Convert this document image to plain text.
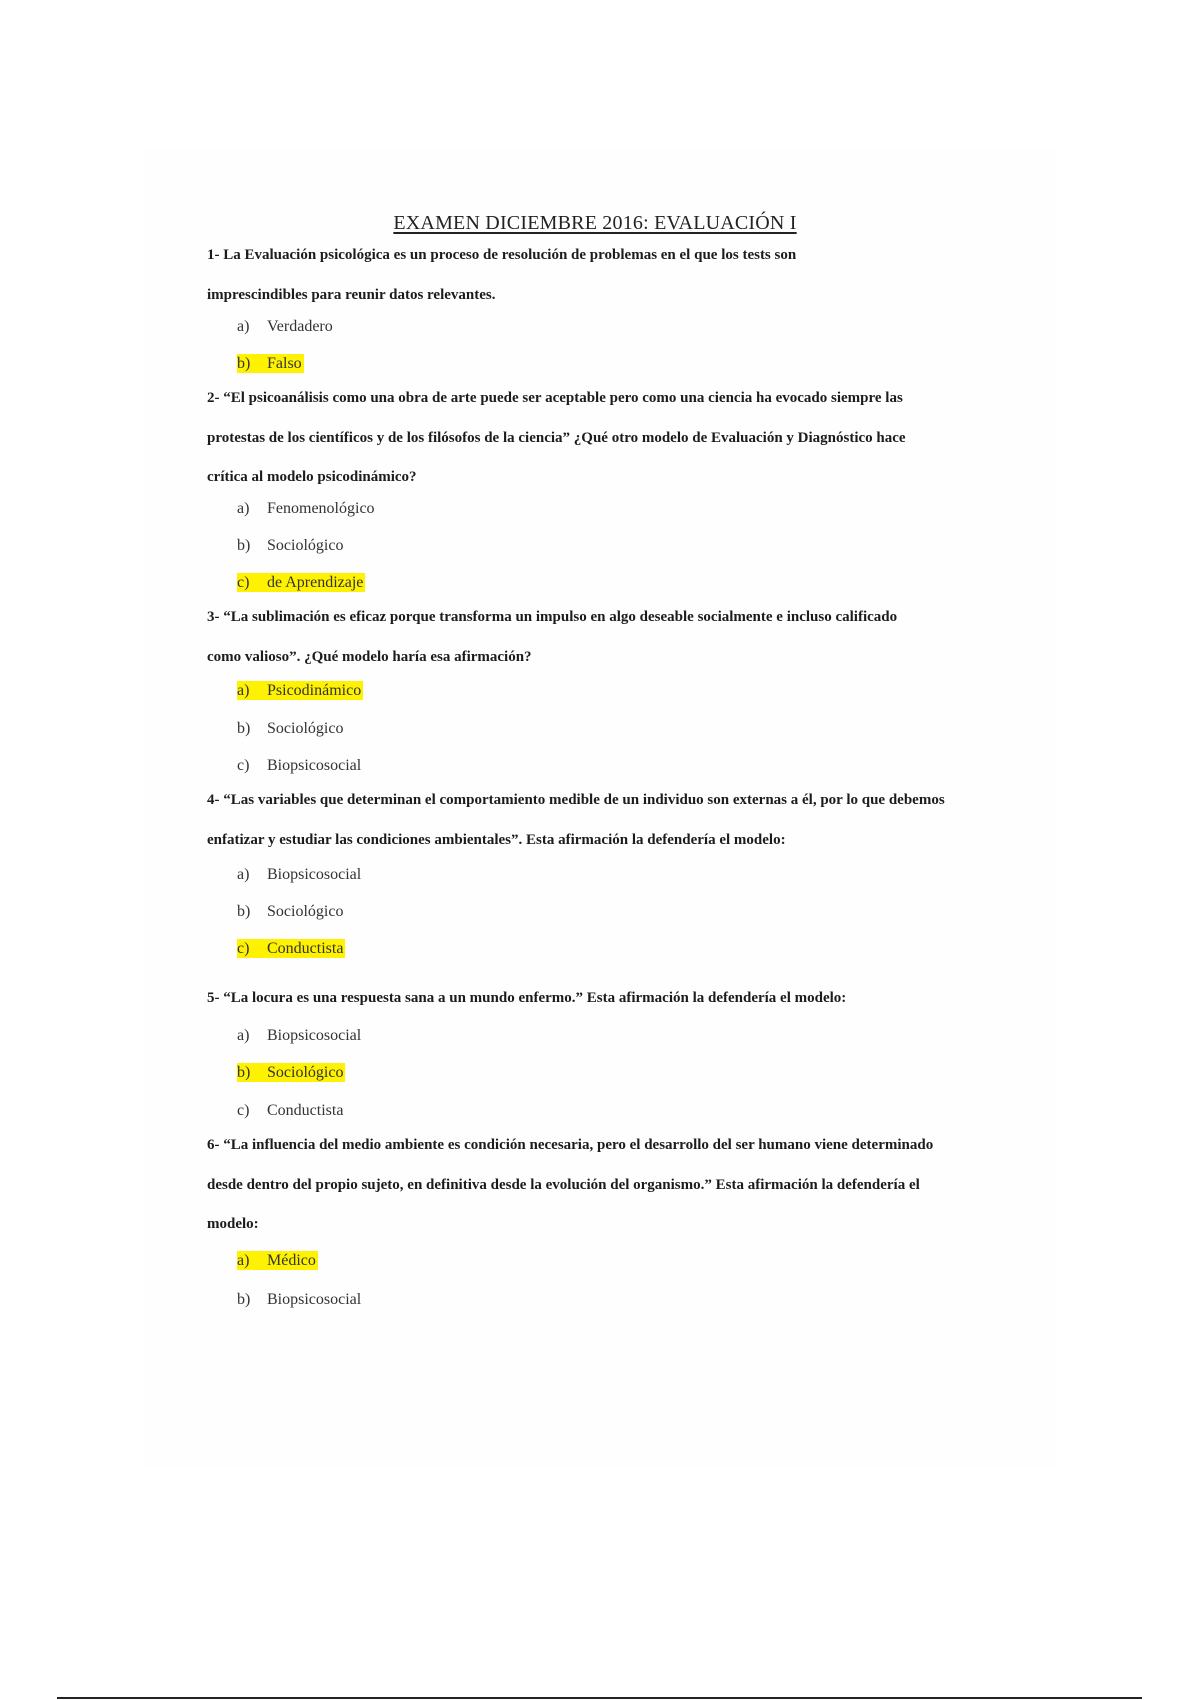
EXAMEN DICIEMBRE 2016: EVALUACIÓN I
1- La Evaluación psicológica es un proceso de resolución de problemas en el que los tests son imprescindibles para reunir datos relevantes.
a) Verdadero
b) Falso
2- “El psicoanálisis como una obra de arte puede ser aceptable pero como una ciencia ha evocado siempre las protestas de los científicos y de los filósofos de la ciencia” ¿Qué otro modelo de Evaluación y Diagnóstico hace crítica al modelo psicodinámico?
a) Fenomenológico
b) Sociológico
c) de Aprendizaje
3- “La sublimación es eficaz porque transforma un impulso en algo deseable socialmente e incluso calificado como valioso”. ¿Qué modelo haría esa afirmación?
a) Psicodinámico
b) Sociológico
c) Biopsicosocial
4- “Las variables que determinan el comportamiento medible de un individuo son externas a él, por lo que debemos enfatizar y estudiar las condiciones ambientales”. Esta afirmación la defendería el modelo:
a) Biopsicosocial
b) Sociológico
c) Conductista
5- “La locura es una respuesta sana a un mundo enfermo.” Esta afirmación la defendería el modelo:
a) Biopsicosocial
b) Sociológico
c) Conductista
6- “La influencia del medio ambiente es condición necesaria, pero el desarrollo del ser humano viene determinado desde dentro del propio sujeto, en definitiva desde la evolución del organismo.” Esta afirmación la defendería el modelo:
a) Médico
b) Biopsicosocial
